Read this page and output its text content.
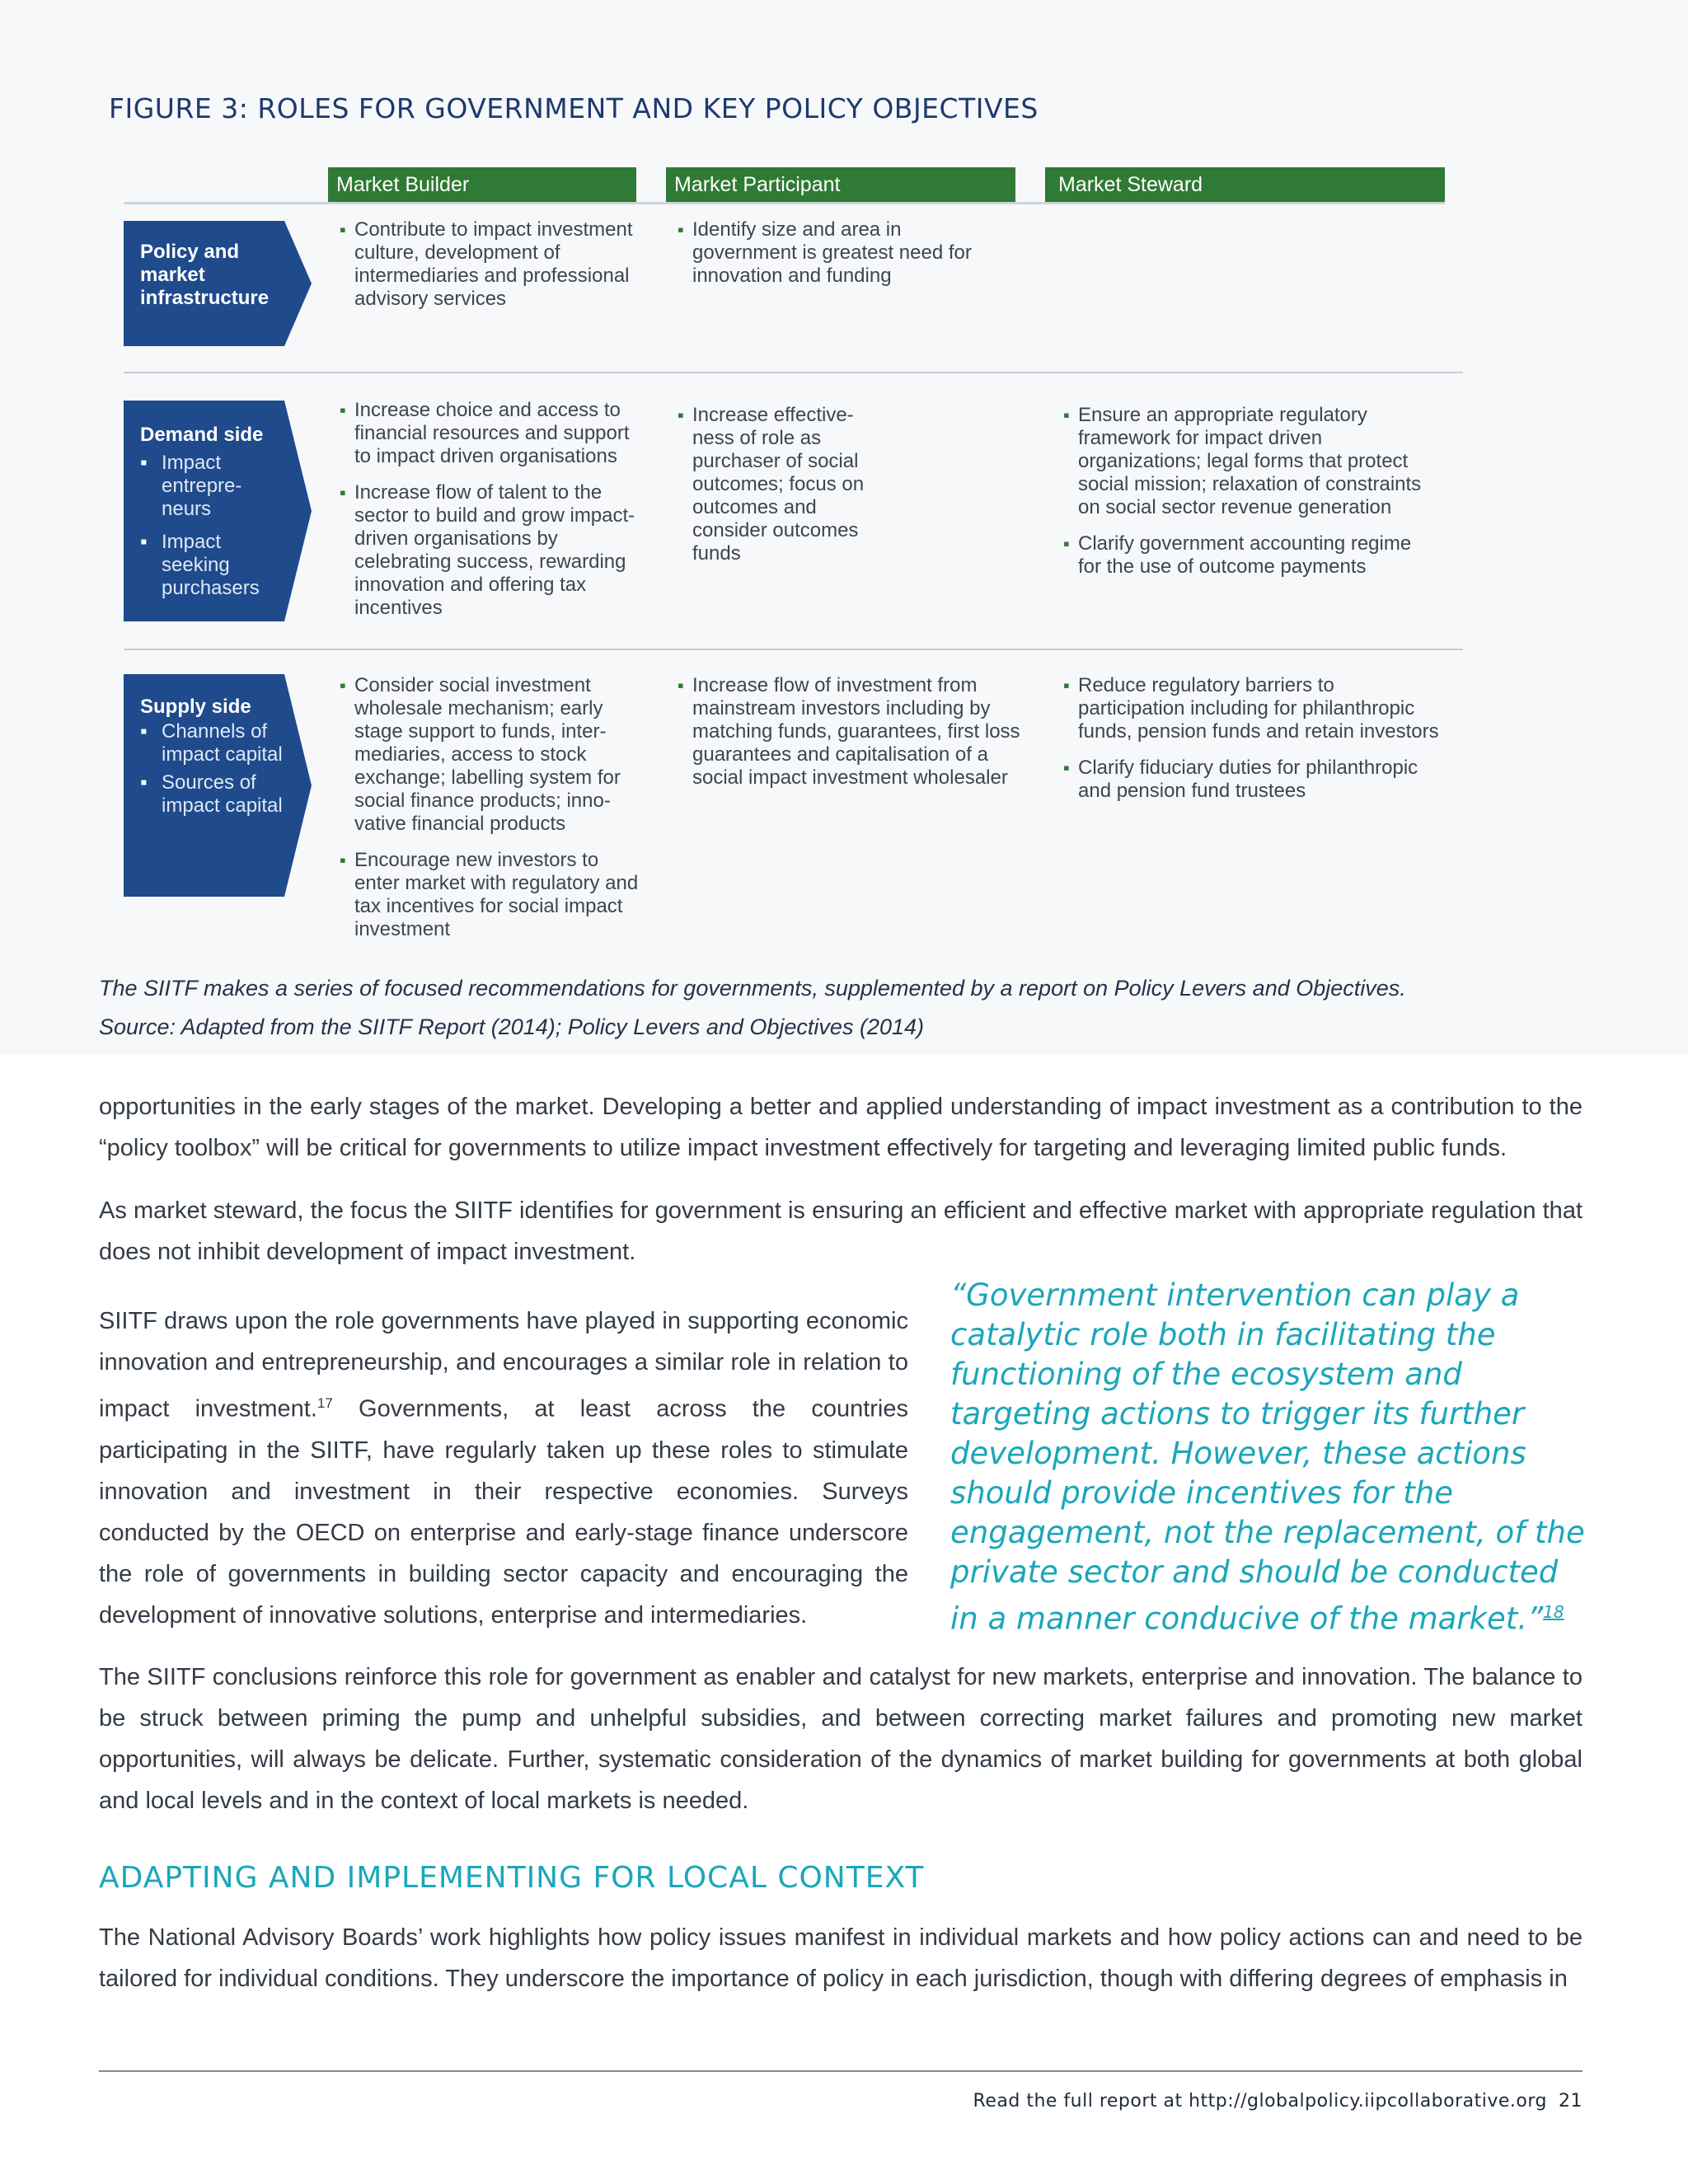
FIGURE 3: ROLES FOR GOVERNMENT AND KEY POLICY OBJECTIVES
Market Builder	Market Participant	Market Steward
Policy and market infrastructure
▪ Contribute to impact investment culture, development of intermediaries and professional advisory services
▪ Identify size and area in government is greatest need for innovation and funding
Demand side
▪ Impact entrepre-neurs
▪ Impact seeking purchasers
▪ Increase choice and access to financial resources and support to impact driven organisations
▪ Increase flow of talent to the sector to build and grow impact-driven organisations by celebrating success, rewarding innovation and offering tax incentives
▪ Increase effective-ness of role as purchaser of social outcomes; focus on outcomes and consider outcomes funds
▪ Ensure an appropriate regulatory framework for impact driven organizations; legal forms that protect social mission; relaxation of constraints on social sector revenue generation
▪ Clarify government accounting regime for the use of outcome payments
Supply side
▪ Channels of impact capital
▪ Sources of impact capital
▪ Consider social investment wholesale mechanism; early stage support to funds, inter-mediaries, access to stock exchange; labelling system for social finance products; inno-vative financial products
▪ Encourage new investors to enter market with regulatory and tax incentives for social impact investment
▪ Increase flow of investment from mainstream investors including by matching funds, guarantees, first loss guarantees and capitalisation of a social impact investment wholesaler
▪ Reduce regulatory barriers to participation including for philanthropic funds, pension funds and retain investors
▪ Clarify fiduciary duties for philanthropic and pension fund trustees
The SIITF makes a series of focused recommendations for governments, supplemented by a report on Policy Levers and Objectives.
Source: Adapted from the SIITF Report (2014); Policy Levers and Objectives (2014)

opportunities in the early stages of the market. Developing a better and applied understanding of impact investment as a contribution to the “policy toolbox” will be critical for governments to utilize impact investment effectively for targeting and leveraging limited public funds.

As market steward, the focus the SIITF identifies for government is ensuring an efficient and effective market with appropriate regulation that does not inhibit development of impact investment.

SIITF draws upon the role governments have played in supporting economic innovation and entrepreneurship, and encourages a similar role in relation to impact investment.$^{17}$ Governments, at least across the countries participating in the SIITF, have regularly taken up these roles to stimulate innovation and investment in their respective economies. Surveys conducted by the OECD on enterprise and early-stage finance underscore the role of governments in building sector capacity and encouraging the development of innovative solutions, enterprise and intermediaries.

“Government intervention can play a catalytic role both in facilitating the functioning of the ecosystem and targeting actions to trigger its further development. However, these actions should provide incentives for the engagement, not the replacement, of the private sector and should be conducted in a manner conducive of the market.”$^{18}$

The SIITF conclusions reinforce this role for government as enabler and catalyst for new markets, enterprise and innovation. The balance to be struck between priming the pump and unhelpful subsidies, and between correcting market failures and promoting new market opportunities, will always be delicate. Further, systematic consideration of the dynamics of market building for governments at both global and local levels and in the context of local markets is needed.

ADAPTING AND IMPLEMENTING FOR LOCAL CONTEXT

The National Advisory Boards’ work highlights how policy issues manifest in individual markets and how policy actions can and need to be tailored for individual conditions. They underscore the importance of policy in each jurisdiction, though with differing degrees of emphasis in

Read the full report at http://globalpolicy.iipcollaborative.org 21
